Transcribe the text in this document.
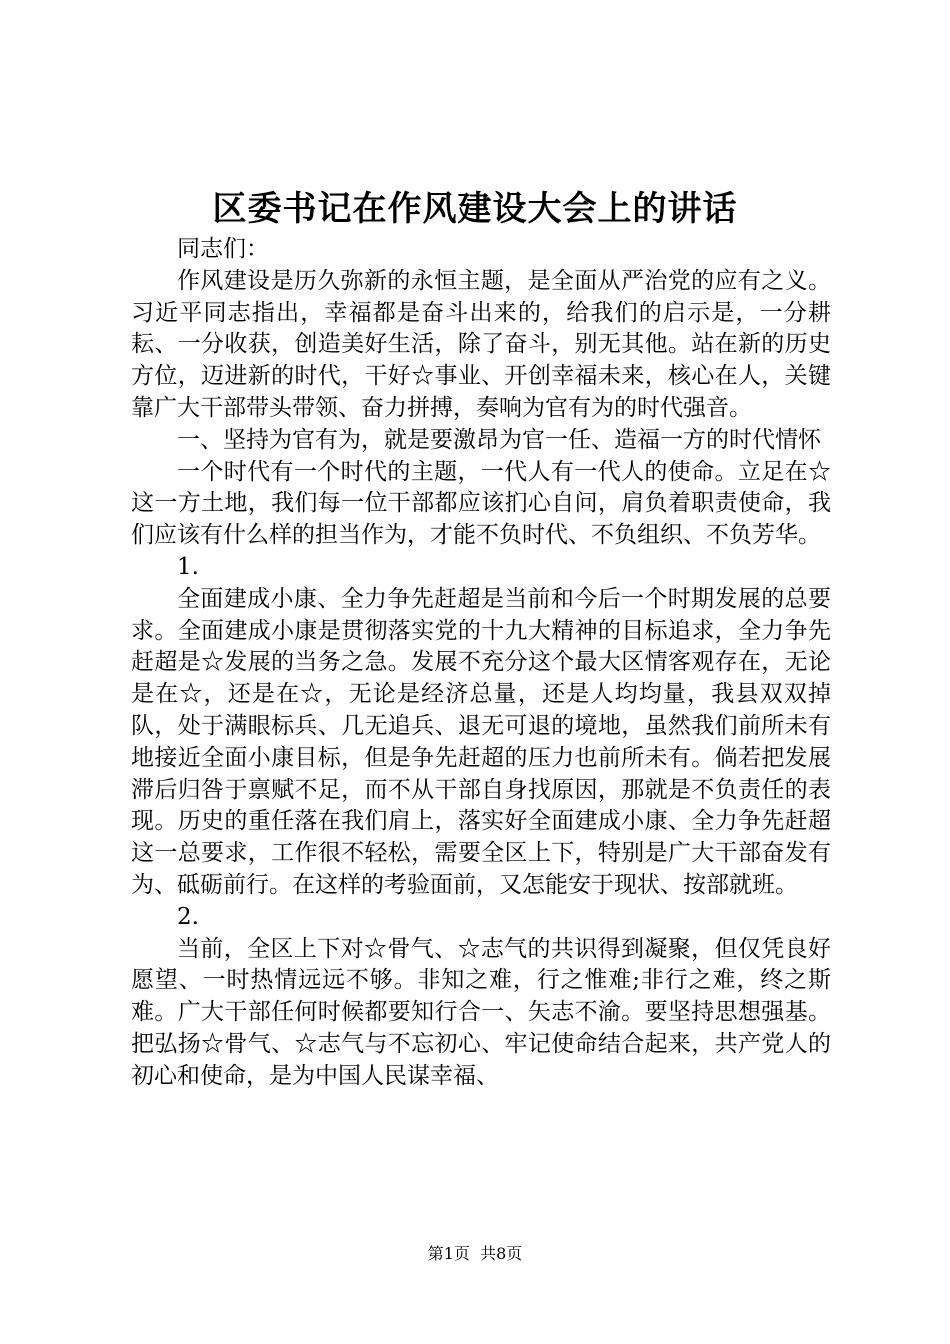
区委书记在作风建设大会上的讲话

同志们：

作风建设是历久弥新的永恒主题，是全面从严治党的应有之义。习近平同志指出，幸福都是奋斗出来的，给我们的启示是，一分耕耘、一分收获，创造美好生活，除了奋斗，别无其他。站在新的历史方位，迈进新的时代，干好☆事业、开创幸福未来，核心在人，关键靠广大干部带头带领、奋力拼搏，奏响为官有为的时代强音。

一、坚持为官有为，就是要激昂为官一任、造福一方的时代情怀

一个时代有一个时代的主题，一代人有一代人的使命。立足在☆这一方土地，我们每一位干部都应该扪心自问，肩负着职责使命，我们应该有什么样的担当作为，才能不负时代、不负组织、不负芳华。

1.

全面建成小康、全力争先赶超是当前和今后一个时期发展的总要求。全面建成小康是贯彻落实党的十九大精神的目标追求，全力争先赶超是☆发展的当务之急。发展不充分这个最大区情客观存在，无论是在☆，还是在☆，无论是经济总量，还是人均均量，我县双双掉队，处于满眼标兵、几无追兵、退无可退的境地，虽然我们前所未有地接近全面小康目标，但是争先赶超的压力也前所未有。倘若把发展滞后归咎于禀赋不足，而不从干部自身找原因，那就是不负责任的表现。历史的重任落在我们肩上，落实好全面建成小康、全力争先赶超这一总要求，工作很不轻松，需要全区上下，特别是广大干部奋发有为、砥砺前行。在这样的考验面前，又怎能安于现状、按部就班。

2.

当前，全区上下对☆骨气、☆志气的共识得到凝聚，但仅凭良好愿望、一时热情远远不够。非知之难，行之惟难;非行之难，终之斯难。广大干部任何时候都要知行合一、矢志不渝。要坚持思想强基。把弘扬☆骨气、☆志气与不忘初心、牢记使命结合起来，共产党人的初心和使命，是为中国人民谋幸福、

第1页 共8页
